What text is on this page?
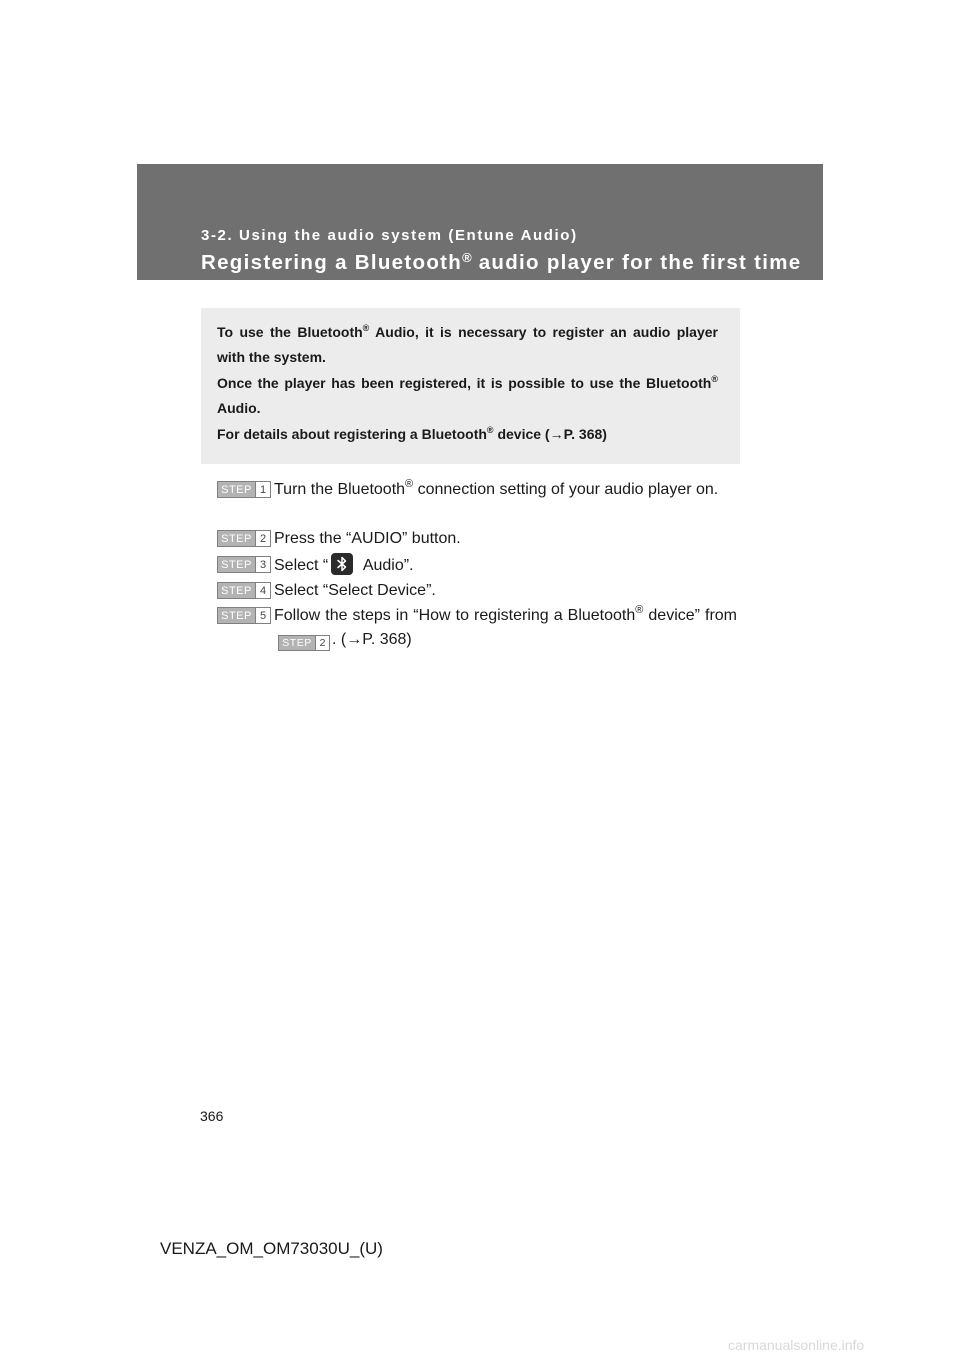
3-2. Using the audio system (Entune Audio)
Registering a Bluetooth® audio player for the first time
To use the Bluetooth® Audio, it is necessary to register an audio player with the system.
Once the player has been registered, it is possible to use the Bluetooth® Audio.
For details about registering a Bluetooth® device (→P. 368)
STEP 1 Turn the Bluetooth® connection setting of your audio player on.
STEP 2 Press the “AUDIO” button.
STEP 3 Select “
Audio”.
STEP 4 Select “Select Device”.
STEP 5 Follow the steps in “How to registering a Bluetooth® device” from
STEP 2 . (→P. 368)
366
VENZA_OM_OM73030U_(U)
carmanualsonline.info
